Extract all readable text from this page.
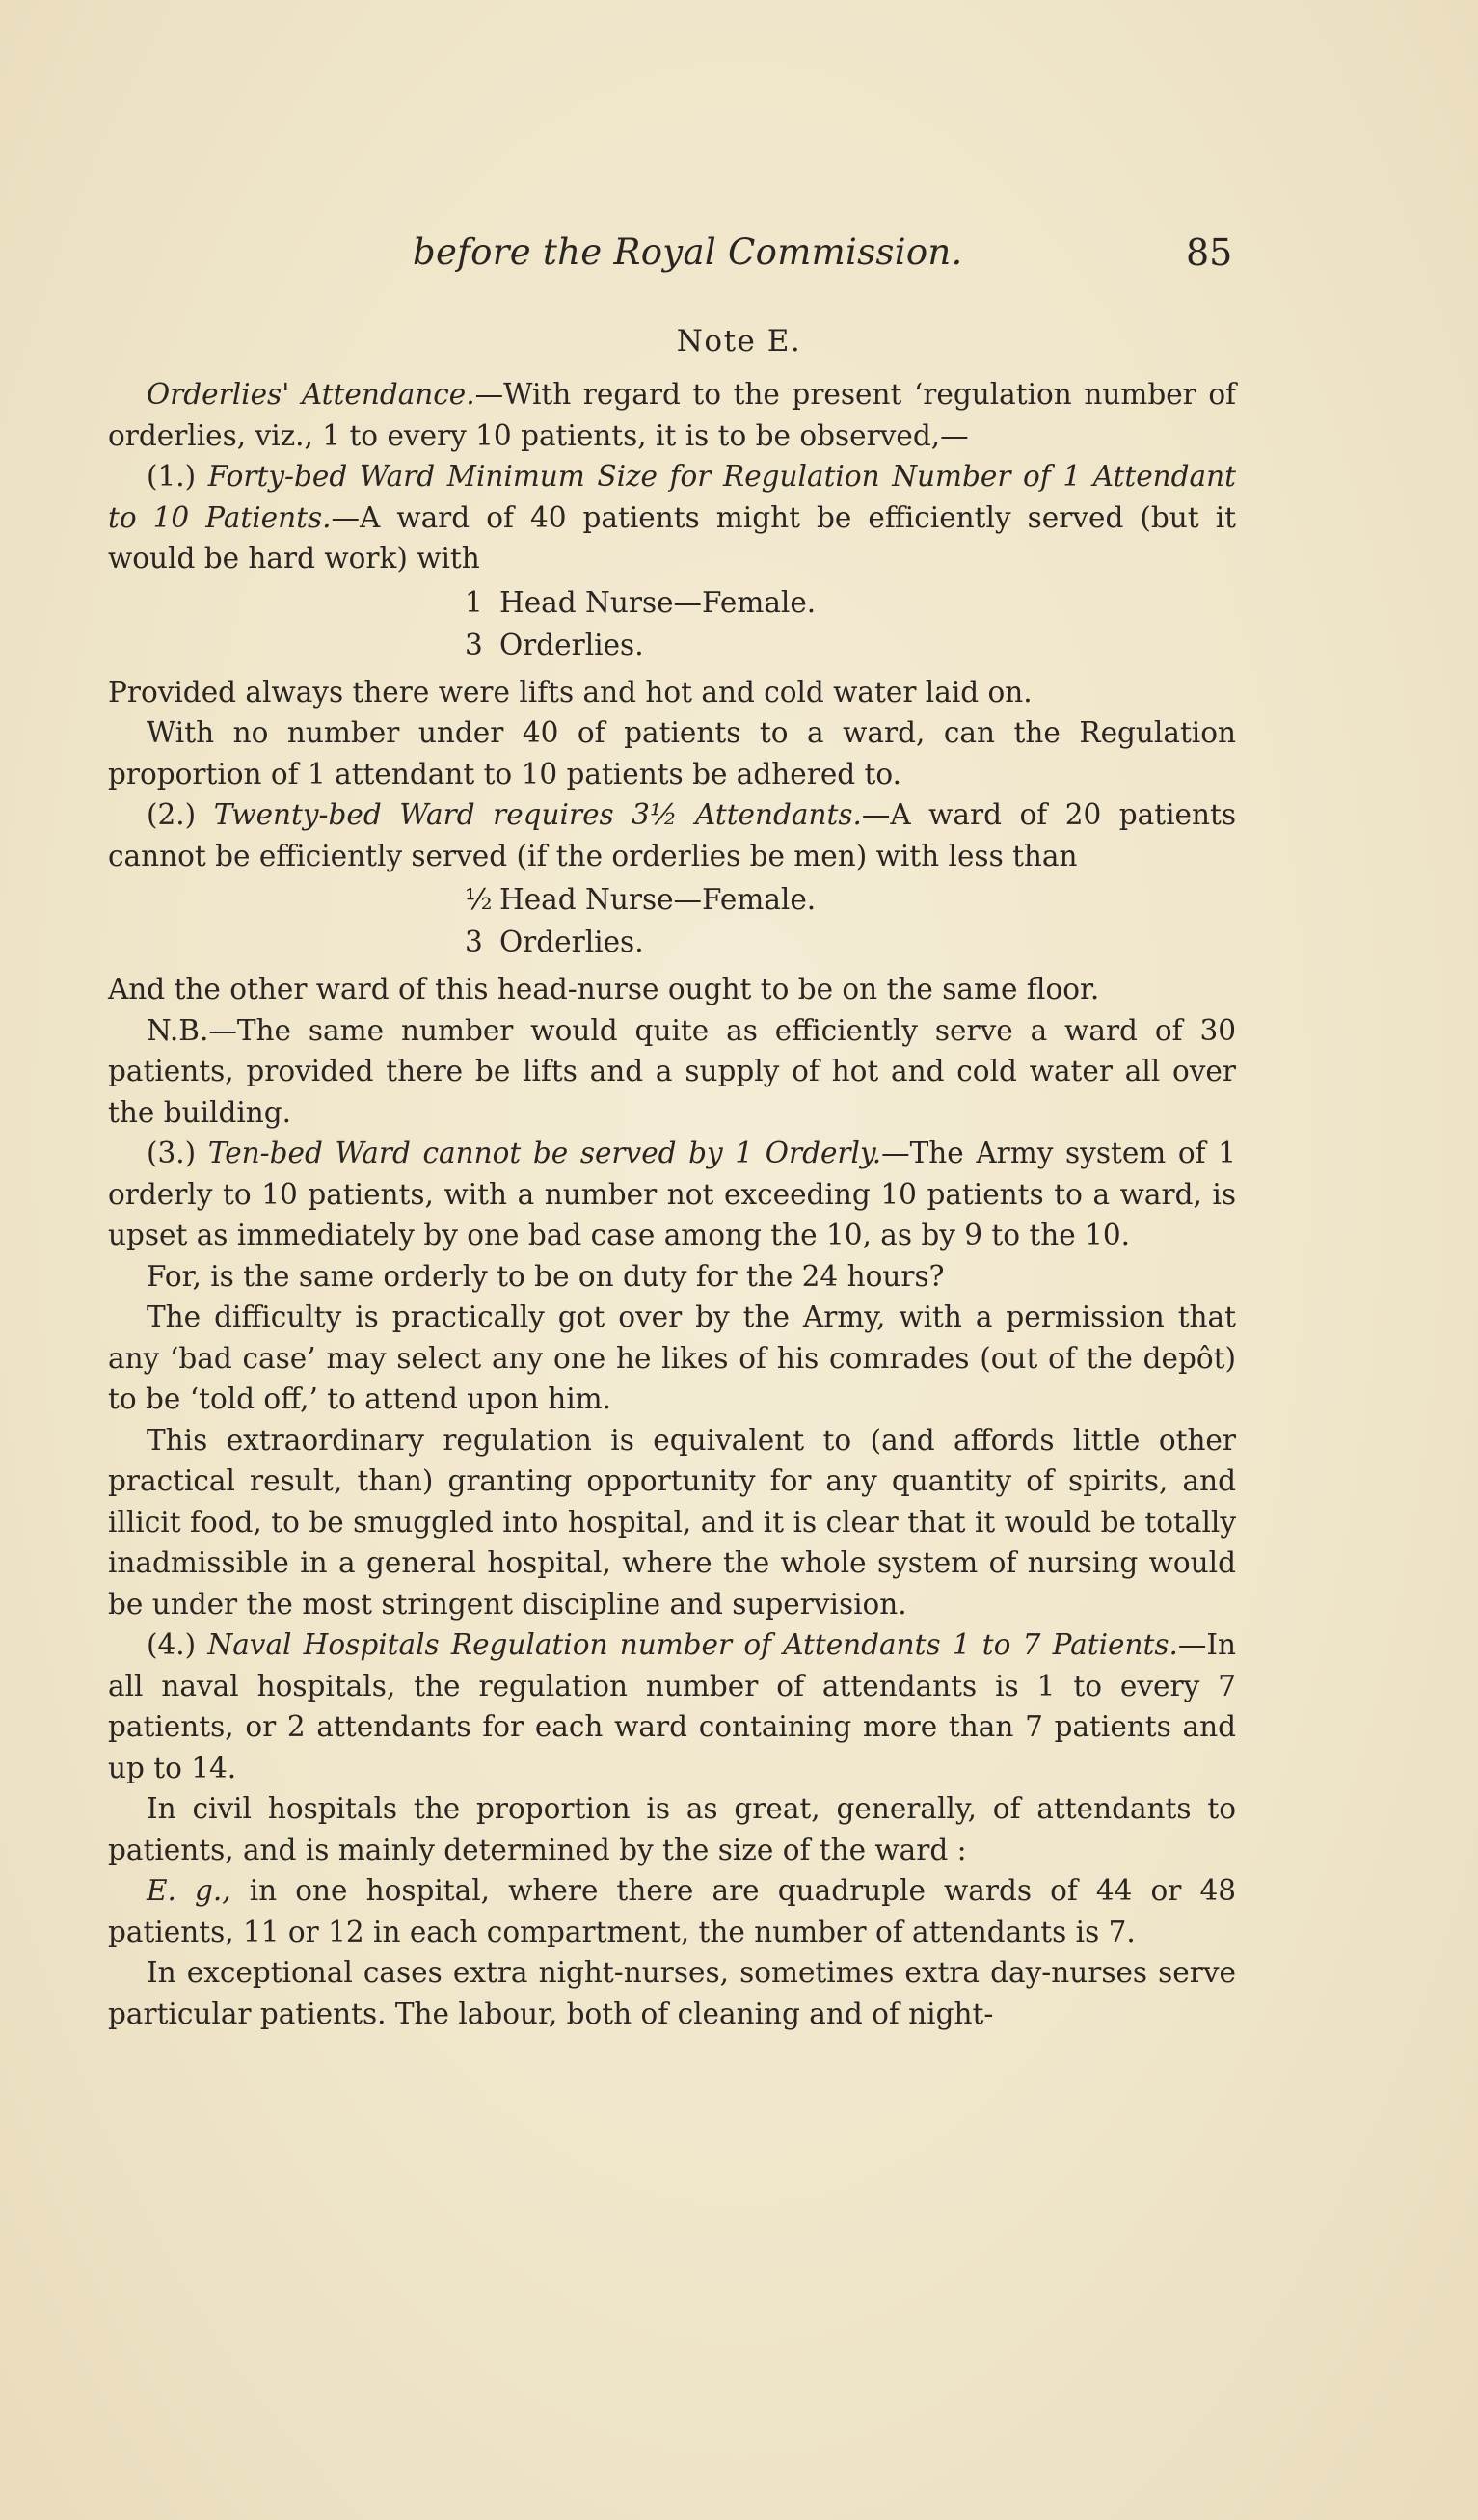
before the Royal Commission.	85
Note E.

Orderlies' Attendance.—With regard to the present ‘regulation number of orderlies, viz., 1 to every 10 patients, it is to be observed,—

(1.) Forty-bed Ward Minimum Size for Regulation Number of 1 Attendant to 10 Patients.—A ward of 40 patients might be efficiently served (but it would be hard work) with

1 Head Nurse—Female.
3 Orderlies.

Provided always there were lifts and hot and cold water laid on.

With no number under 40 of patients to a ward, can the Regulation proportion of 1 attendant to 10 patients be adhered to.

(2.) Twenty-bed Ward requires 3½ Attendants.—A ward of 20 patients cannot be efficiently served (if the orderlies be men) with less than

½ Head Nurse—Female.
3 Orderlies.

And the other ward of this head-nurse ought to be on the same floor.

N.B.—The same number would quite as efficiently serve a ward of 30 patients, provided there be lifts and a supply of hot and cold water all over the building.

(3.) Ten-bed Ward cannot be served by 1 Orderly.—The Army system of 1 orderly to 10 patients, with a number not exceeding 10 patients to a ward, is upset as immediately by one bad case among the 10, as by 9 to the 10.

For, is the same orderly to be on duty for the 24 hours?

The difficulty is practically got over by the Army, with a permission that any ‘bad case’ may select any one he likes of his comrades (out of the depôt) to be ‘told off,’ to attend upon him.

This extraordinary regulation is equivalent to (and affords little other practical result, than) granting opportunity for any quantity of spirits, and illicit food, to be smuggled into hospital, and it is clear that it would be totally inadmissible in a general hospital, where the whole system of nursing would be under the most stringent discipline and supervision.

(4.) Naval Hospitals Regulation number of Attendants 1 to 7 Patients.—In all naval hospitals, the regulation number of attendants is 1 to every 7 patients, or 2 attendants for each ward containing more than 7 patients and up to 14.

In civil hospitals the proportion is as great, generally, of attendants to patients, and is mainly determined by the size of the ward :

E. g., in one hospital, where there are quadruple wards of 44 or 48 patients, 11 or 12 in each compartment, the number of attendants is 7.

In exceptional cases extra night-nurses, sometimes extra day-nurses serve particular patients. The labour, both of cleaning and of night-
